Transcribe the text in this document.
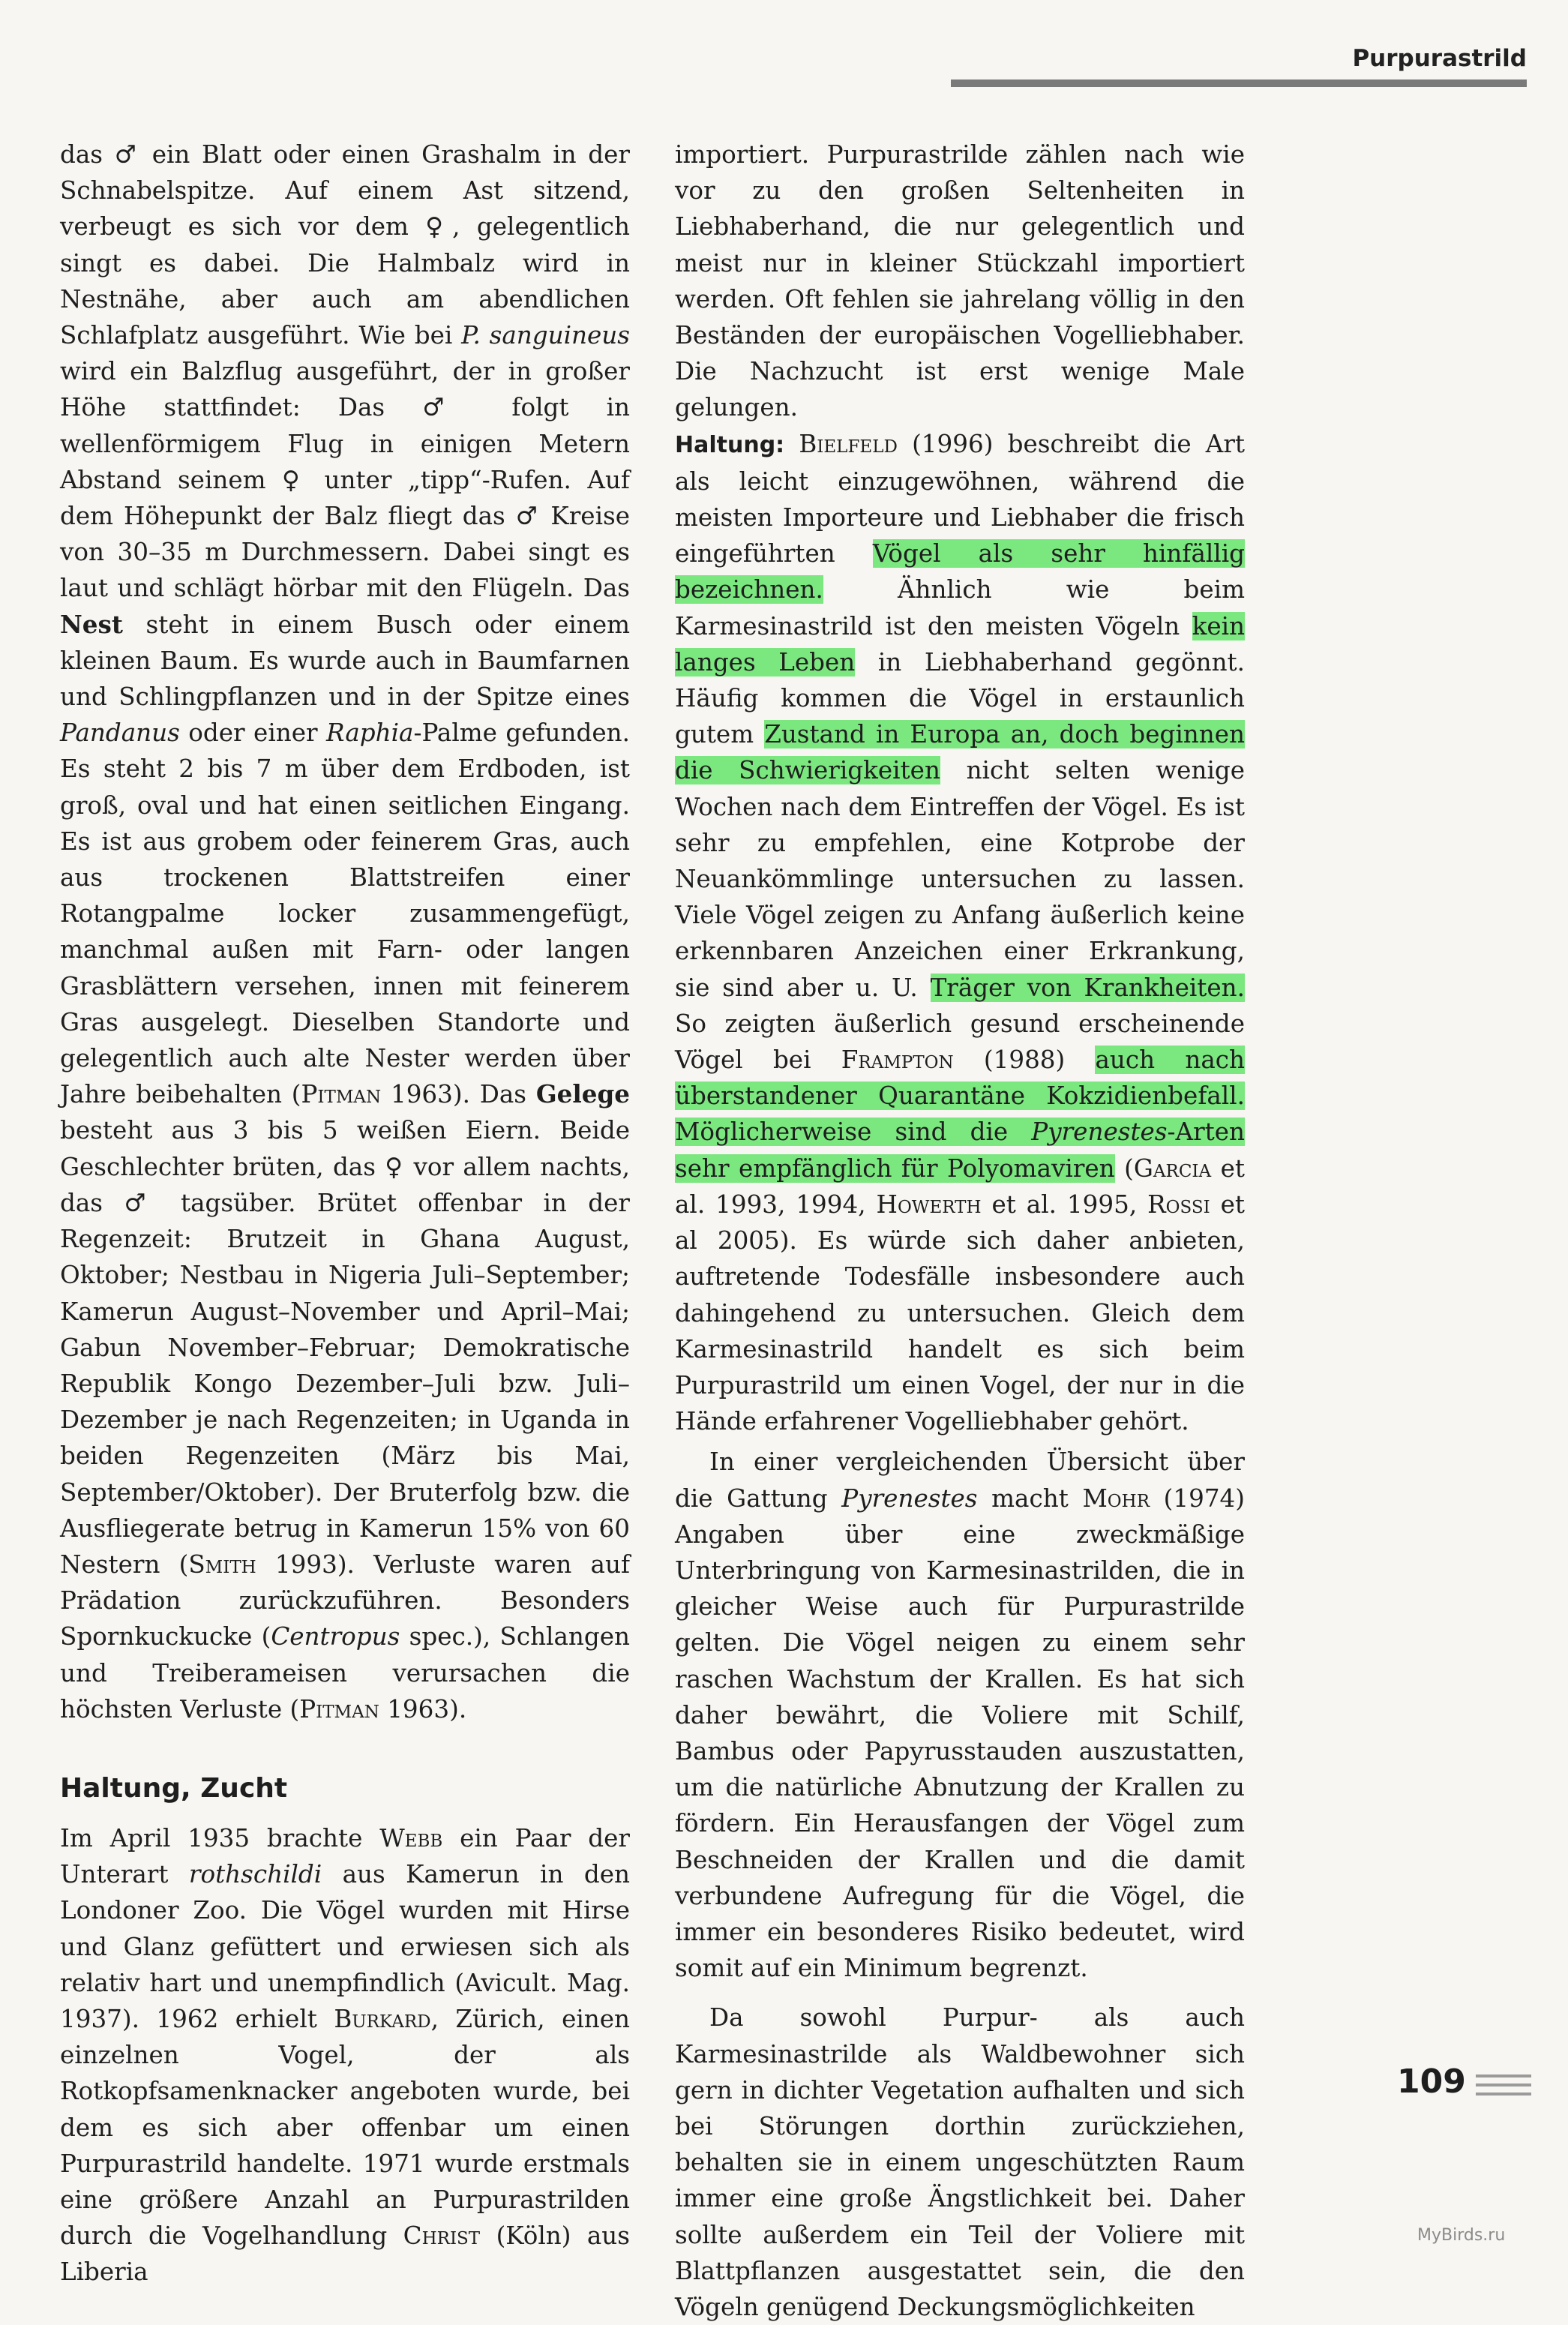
Purpurastrild

das ♂ ein Blatt oder einen Grashalm in der Schnabelspitze. Auf einem Ast sitzend, verbeugt es sich vor dem ♀, gelegentlich singt es dabei. Die Halmbalz wird in Nestnähe, aber auch am abendlichen Schlafplatz ausgeführt. Wie bei P. sanguineus wird ein Balzflug ausgeführt, der in großer Höhe stattfindet: Das ♂ folgt in wellenförmigem Flug in einigen Metern Abstand seinem ♀ unter „tipp“-Rufen. Auf dem Höhepunkt der Balz fliegt das ♂ Kreise von 30–35 m Durchmessern. Dabei singt es laut und schlägt hörbar mit den Flügeln. Das Nest steht in einem Busch oder einem kleinen Baum. Es wurde auch in Baumfarnen und Schlingpflanzen und in der Spitze eines Pandanus oder einer Raphia-Palme gefunden. Es steht 2 bis 7 m über dem Erdboden, ist groß, oval und hat einen seitlichen Eingang. Es ist aus grobem oder feinerem Gras, auch aus trockenen Blattstreifen einer Rotangpalme locker zusammengefügt, manchmal außen mit Farn- oder langen Grasblättern versehen, innen mit feinerem Gras ausgelegt. Dieselben Standorte und gelegentlich auch alte Nester werden über Jahre beibehalten (Pitman 1963). Das Gelege besteht aus 3 bis 5 weißen Eiern. Beide Geschlechter brüten, das ♀ vor allem nachts, das ♂ tagsüber. Brütet offenbar in der Regenzeit: Brutzeit in Ghana August, Oktober; Nestbau in Nigeria Juli–September; Kamerun August–November und April–Mai; Gabun November–Februar; Demokratische Republik Kongo Dezember–Juli bzw. Juli–Dezember je nach Regenzeiten; in Uganda in beiden Regenzeiten (März bis Mai, September/Oktober). Der Bruterfolg bzw. die Ausfliegerate betrug in Kamerun 15% von 60 Nestern (Smith 1993). Verluste waren auf Prädation zurückzuführen. Besonders Spornkuckucke (Centropus spec.), Schlangen und Treiberameisen verursachen die höchsten Verluste (Pitman 1963).

Haltung, Zucht

Im April 1935 brachte Webb ein Paar der Unterart rothschildi aus Kamerun in den Londoner Zoo. Die Vögel wurden mit Hirse und Glanz gefüttert und erwiesen sich als relativ hart und unempfindlich (Avicult. Mag. 1937). 1962 erhielt Burkard, Zürich, einen einzelnen Vogel, der als Rotkopfsamenknacker angeboten wurde, bei dem es sich aber offenbar um einen Purpurastrild handelte. 1971 wurde erstmals eine größere Anzahl an Purpurastrilden durch die Vogelhandlung Christ (Köln) aus Liberia

importiert. Purpurastrilde zählen nach wie vor zu den großen Seltenheiten in Liebhaberhand, die nur gelegentlich und meist nur in kleiner Stückzahl importiert werden. Oft fehlen sie jahrelang völlig in den Beständen der europäischen Vogelliebhaber. Die Nachzucht ist erst wenige Male gelungen.

Haltung: Bielfeld (1996) beschreibt die Art als leicht einzugewöhnen, während die meisten Importeure und Liebhaber die frisch eingeführten Vögel als sehr hinfällig bezeichnen. Ähnlich wie beim Karmesinastrild ist den meisten Vögeln kein langes Leben in Liebhaberhand gegönnt. Häufig kommen die Vögel in erstaunlich gutem Zustand in Europa an, doch beginnen die Schwierigkeiten nicht selten wenige Wochen nach dem Eintreffen der Vögel. Es ist sehr zu empfehlen, eine Kotprobe der Neuankömmlinge untersuchen zu lassen. Viele Vögel zeigen zu Anfang äußerlich keine erkennbaren Anzeichen einer Erkrankung, sie sind aber u. U. Träger von Krankheiten. So zeigten äußerlich gesund erscheinende Vögel bei Frampton (1988) auch nach überstandener Quarantäne Kokzidienbefall. Möglicherweise sind die Pyrenestes-Arten sehr empfänglich für Polyomaviren (Garcia et al. 1993, 1994, Howerth et al. 1995, Rossi et al 2005). Es würde sich daher anbieten, auftretende Todesfälle insbesondere auch dahingehend zu untersuchen. Gleich dem Karmesinastrild handelt es sich beim Purpurastrild um einen Vogel, der nur in die Hände erfahrener Vogelliebhaber gehört.

In einer vergleichenden Übersicht über die Gattung Pyrenestes macht Mohr (1974) Angaben über eine zweckmäßige Unterbringung von Karmesinastrilden, die in gleicher Weise auch für Purpurastrilde gelten. Die Vögel neigen zu einem sehr raschen Wachstum der Krallen. Es hat sich daher bewährt, die Voliere mit Schilf, Bambus oder Papyrusstauden auszustatten, um die natürliche Abnutzung der Krallen zu fördern. Ein Herausfangen der Vögel zum Beschneiden der Krallen und die damit verbundene Aufregung für die Vögel, die immer ein besonderes Risiko bedeutet, wird somit auf ein Minimum begrenzt.

Da sowohl Purpur- als auch Karmesinastrilde als Waldbewohner sich gern in dichter Vegetation aufhalten und sich bei Störungen dorthin zurückziehen, behalten sie in einem ungeschützten Raum immer eine große Ängstlichkeit bei. Daher sollte außerdem ein Teil der Voliere mit Blattpflanzen ausgestattet sein, die den Vögeln genügend Deckungsmöglichkeiten

109
MyBirds.ru
